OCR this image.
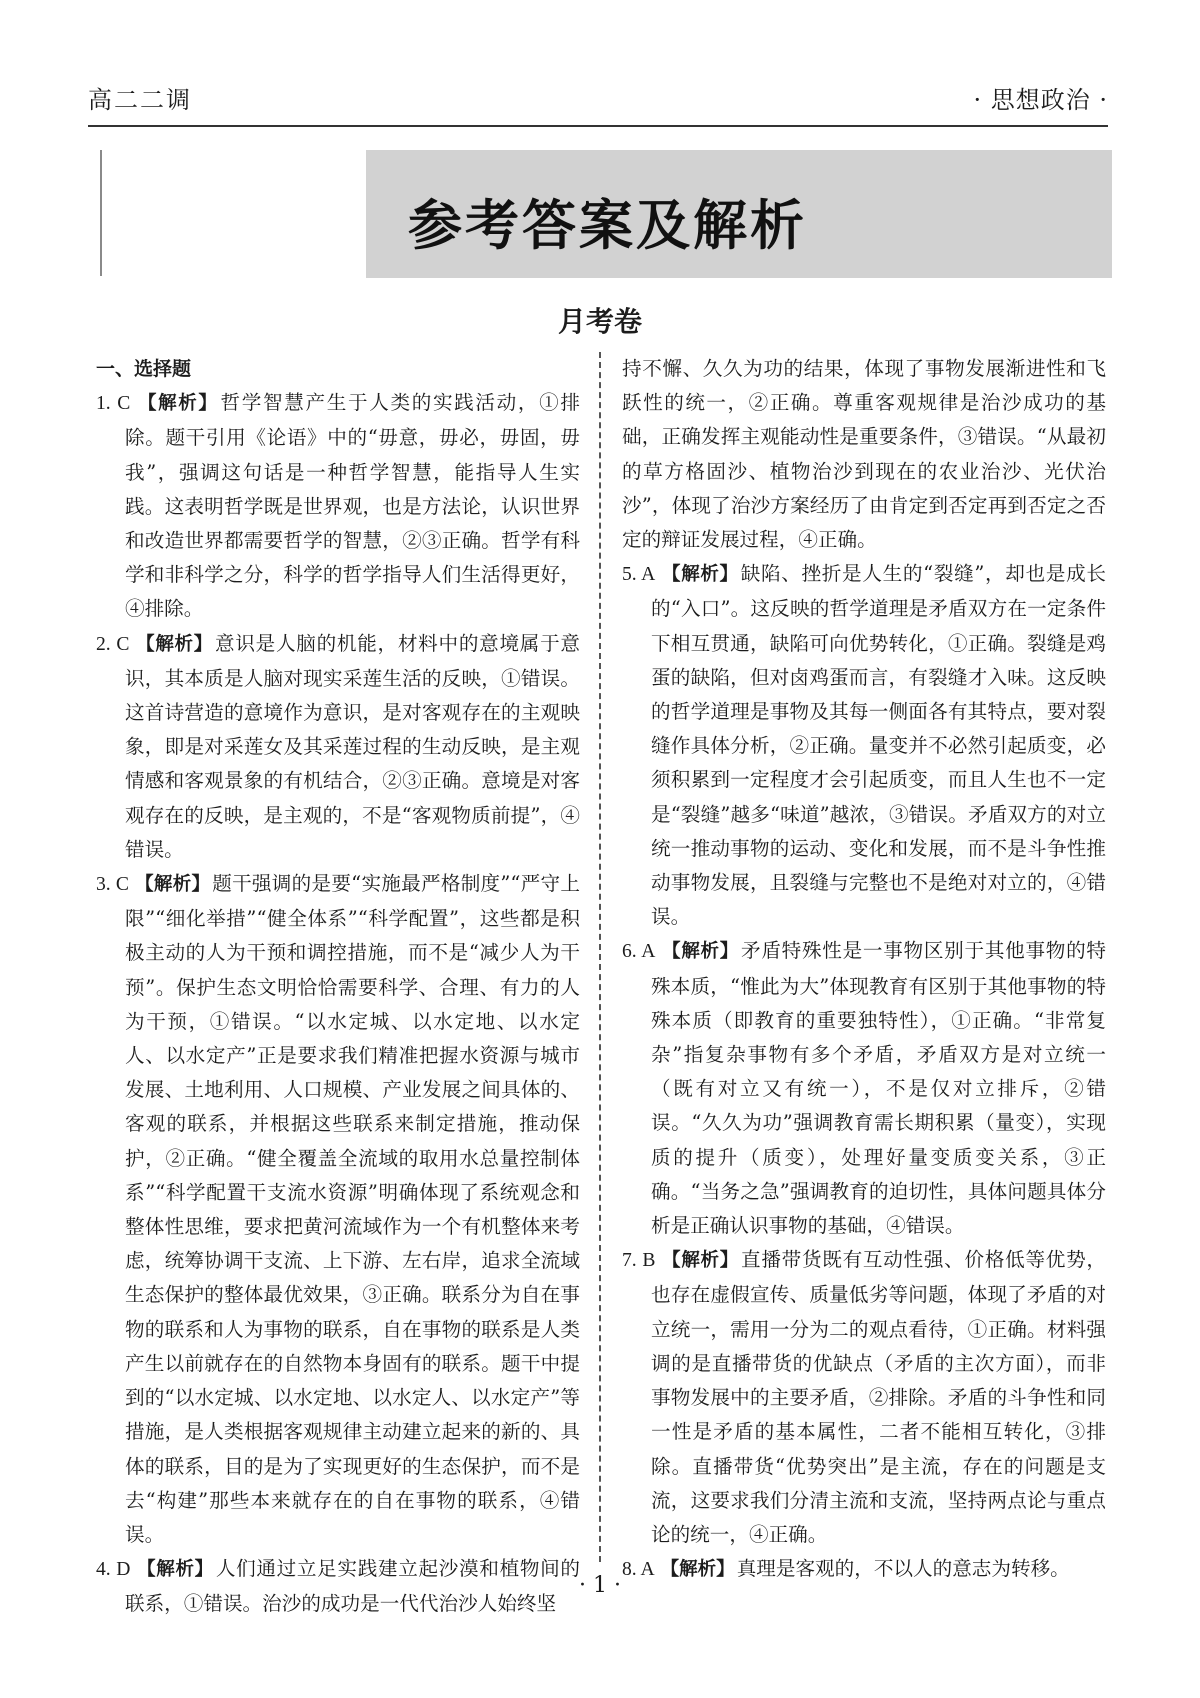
高二二调	· 思想政治 ·
参考答案及解析
月考卷

一、选择题

1. C 【解析】 哲学智慧产生于人类的实践活动，①排除。题干引用《论语》中的“毋意，毋必，毋固，毋我”，强调这句话是一种哲学智慧，能指导人生实践。这表明哲学既是世界观，也是方法论，认识世界和改造世界都需要哲学的智慧，②③正确。哲学有科学和非科学之分，科学的哲学指导人们生活得更好，④排除。

2. C 【解析】 意识是人脑的机能，材料中的意境属于意识，其本质是人脑对现实采莲生活的反映，①错误。这首诗营造的意境作为意识，是对客观存在的主观映象，即是对采莲女及其采莲过程的生动反映，是主观情感和客观景象的有机结合，②③正确。意境是对客观存在的反映，是主观的，不是“客观物质前提”，④错误。

3. C 【解析】 题干强调的是要“实施最严格制度”“严守上限”“细化举措”“健全体系”“科学配置”，这些都是积极主动的人为干预和调控措施，而不是“减少人为干预”。保护生态文明恰恰需要科学、合理、有力的人为干预，①错误。“以水定城、以水定地、以水定人、以水定产”正是要求我们精准把握水资源与城市发展、土地利用、人口规模、产业发展之间具体的、客观的联系，并根据这些联系来制定措施，推动保护，②正确。“健全覆盖全流域的取用水总量控制体系”“科学配置干支流水资源”明确体现了系统观念和整体性思维，要求把黄河流域作为一个有机整体来考虑，统筹协调干支流、上下游、左右岸，追求全流域生态保护的整体最优效果，③正确。联系分为自在事物的联系和人为事物的联系，自在事物的联系是人类产生以前就存在的自然物本身固有的联系。题干中提到的“以水定城、以水定地、以水定人、以水定产”等措施，是人类根据客观规律主动建立起来的新的、具体的联系，目的是为了实现更好的生态保护，而不是去“构建”那些本来就存在的自在事物的联系，④错误。

4. D 【解析】 人们通过立足实践建立起沙漠和植物间的联系，①错误。治沙的成功是一代代治沙人始终坚

持不懈、久久为功的结果，体现了事物发展渐进性和飞跃性的统一，②正确。尊重客观规律是治沙成功的基础，正确发挥主观能动性是重要条件，③错误。“从最初的草方格固沙、植物治沙到现在的农业治沙、光伏治沙”，体现了治沙方案经历了由肯定到否定再到否定之否定的辩证发展过程，④正确。

5. A 【解析】 缺陷、挫折是人生的“裂缝”，却也是成长的“入口”。这反映的哲学道理是矛盾双方在一定条件下相互贯通，缺陷可向优势转化，①正确。裂缝是鸡蛋的缺陷，但对卤鸡蛋而言，有裂缝才入味。这反映的哲学道理是事物及其每一侧面各有其特点，要对裂缝作具体分析，②正确。量变并不必然引起质变，必须积累到一定程度才会引起质变，而且人生也不一定是“裂缝”越多“味道”越浓，③错误。矛盾双方的对立统一推动事物的运动、变化和发展，而不是斗争性推动事物发展，且裂缝与完整也不是绝对对立的，④错误。

6. A 【解析】 矛盾特殊性是一事物区别于其他事物的特殊本质，“惟此为大”体现教育有区别于其他事物的特殊本质（即教育的重要独特性），①正确。“非常复杂”指复杂事物有多个矛盾，矛盾双方是对立统一（既有对立又有统一），不是仅对立排斥，②错误。“久久为功”强调教育需长期积累（量变），实现质的提升（质变），处理好量变质变关系，③正确。“当务之急”强调教育的迫切性，具体问题具体分析是正确认识事物的基础，④错误。

7. B 【解析】 直播带货既有互动性强、价格低等优势，也存在虚假宣传、质量低劣等问题，体现了矛盾的对立统一，需用一分为二的观点看待，①正确。材料强调的是直播带货的优缺点（矛盾的主次方面），而非事物发展中的主要矛盾，②排除。矛盾的斗争性和同一性是矛盾的基本属性，二者不能相互转化，③排除。直播带货“优势突出”是主流，存在的问题是支流，这要求我们分清主流和支流，坚持两点论与重点论的统一，④正确。

8. A 【解析】 真理是客观的，不以人的意志为转移。

· 1 ·
